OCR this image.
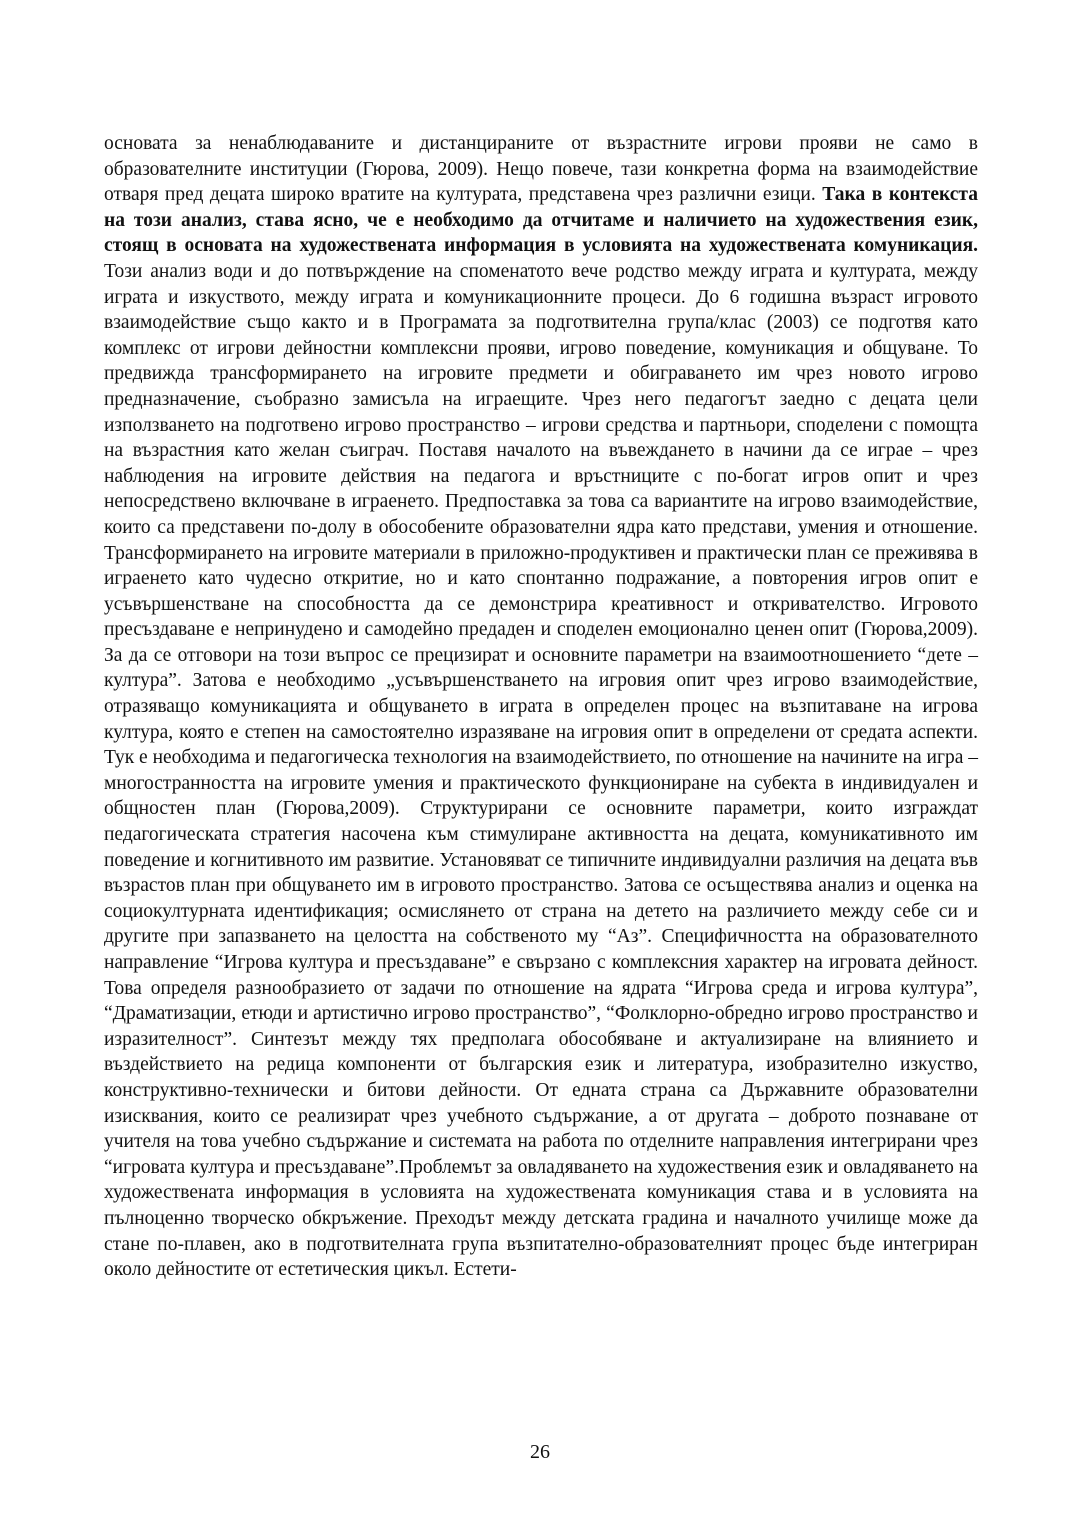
основата за ненаблюдаваните и дистанцираните от възрастните игрови прояви не само в образователните институции (Гюрова, 2009). Нещо повече, тази конкретна форма на взаимодействие отваря пред децата широко вратите на културата, представена чрез различни езици. Така в контекста на този анализ, става ясно, че е необходимо да отчитаме и наличието на художествения език, стоящ в основата на художествената информация в условията на художествената комуникация. Този анализ води и до потвърждение на споменатото вече родство между играта и културата, между играта и изкуството, между играта и комуникационните процеси. До 6 годишна възраст игровото взаимодействие също както и в Програмата за подготвителна група/клас (2003) се подготвя като комплекс от игрови дейностни комплексни прояви, игрово поведение, комуникация и общуване. То предвижда трансформирането на игровите предмети и обиграването им чрез новото игрово предназначение, съобразно замисъла на играещите. Чрез него педагогът заедно с децата цели използването на подготвено игрово пространство – игрови средства и партньори, споделени с помощта на възрастния като желан съиграч. Поставя началото на въвеждането в начини да се играе – чрез наблюдения на игровите действия на педагога и връстниците с по-богат игров опит и чрез непосредствено включване в играенето. Предпоставка за това са вариантите на игрово взаимодействие, които са представени по-долу в обособените образователни ядра като представи, умения и отношение. Трансформирането на игровите материали в приложно-продуктивен и практически план се преживява в играенето като чудесно откритие, но и като спонтанно подражание, а повторения игров опит е усъвършенстване на способността да се демонстрира креативност и откривателство. Игровото пресъздаване е непринудено и самодейно предаден и споделен емоционално ценен опит (Гюрова,2009). За да се отговори на този въпрос се прецизират и основните параметри на взаимоотношението “дете – култура”. Затова е необходимо „усъвършенстването на игровия опит чрез игрово взаимодействие, отразяващо комуникацията и общуването в играта в определен процес на възпитаване на игрова култура, която е степен на самостоятелно изразяване на игровия опит в определени от средата аспекти. Тук е необходима и педагогическа технология на взаимодействието, по отношение на начините на игра – многостранността на игровите умения и практическото функциониране на субекта в индивидуален и общностен план (Гюрова,2009). Структурирани се основните параметри, които изграждат педагогическата стратегия насочена към стимулиране активността на децата, комуникативното им поведение и когнитивното им развитие. Установяват се типичните индивидуални различия на децата във възрастов план при общуването им в игровото пространство. Затова се осъществява анализ и оценка на социокултурната идентификация; осмислянето от страна на детето на различието между себе си и другите при запазването на целостта на собственото му “Аз”. Специфичността на образователното направление “Игрова култура и пресъздаване” е свързано с комплексния характер на игровата дейност. Това определя разнообразието от задачи по отношение на ядрата “Игрова среда и игрова култура”, “Драматизации, етюди и артистично игрово пространство”, “Фолклорно-обредно игрово пространство и изразителност”. Синтезът между тях предполага обособяване и актуализиране на влиянието и въздействието на редица компоненти от българския език и литература, изобразително изкуство, конструктивно-технически и битови дейности. От едната страна са Държавните образователни изисквания, които се реализират чрез учебното съдържание, а от другата – доброто познаване от учителя на това учебно съдържание и системата на работа по отделните направления интегрирани чрез “игровата култура и пресъздаване”.Проблемът за овладяването на художествения език и овладяването на художествената информация в условията на художествената комуникация става и в условията на пълноценно творческо обкръжение. Преходът между детската градина и началното училище може да стане по-плавен, ако в подготвителната група възпитателно-образователният процес бъде интегриран около дейностите от естетическия цикъл. Естети-

26
